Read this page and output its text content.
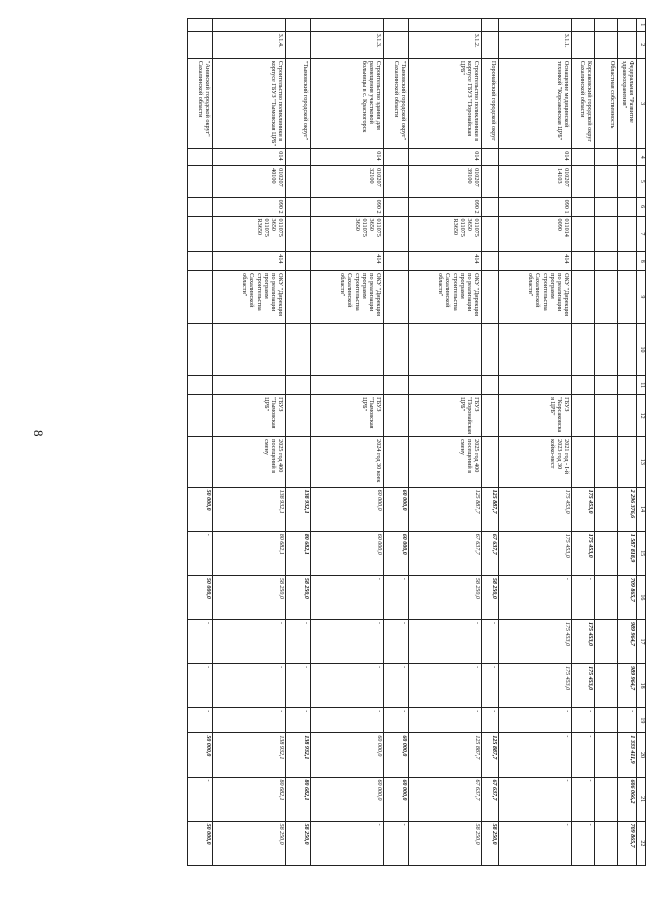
8
1	2	3	4	5	6	7	8	9	10	11	12	13	14	15	16	17	18	19	20	21	22
		Федеральная "Развитие здравоохранения"											2 296 376,6	1 587 818,9	709 865,7	989 964,7	989 964,7	-	1 333 411,9	606 066,2	709 865,7
		Областная собственность																			
		Корсаковский городской округ Сахалинской области											175 453,0	175 453,0	-	175 453,0	175 453,0	-	-	-	-
	3.1.1.	Оснащение медицинской техникой "Корсаковская ЦРБ"	014	010207 14103	090 1	011014 0090	414	ОКУ "Дирекция по реализации программ строительства Сахалинской области"			ГБУЗ "Корсаковская ЦРБ"	2021 год - I-й 2023 год 30 койко-мест	175 453,0	175 453,0	-	175 453,0	175 453,0	-	-	-	-
		Поронайский городской округ											125 887,7	67 637,7	58 250,0	-	-	-	125 887,7	67 637,7	58 250,0
	3.1.2.	Строительство поликлиники в корпусе ГБУЗ "Поронайская ЦРБ"	014	010207 39100	090 2	011075 3650 011075 R3650	414	ОКУ "Дирекция по реализации программ строительства Сахалинской области"			ГБУЗ "Поронайская ЦРБ"	2025 год 400 посещений в смену	125 887,7	67 637,7	58 250,0	-	-	-	125 887,7	67 637,7	58 250,0
		"Тымовский городской округ" Сахалинской области											60 000,0	60 000,0	-	-	-	-	60 000,0	60 000,0	-
	3.1.3.	Строительство здания для размещения участковой больницы в с. Красногорск	014	010207 32100	090 2	011075 3650 011075 3650	414	ОКУ "Дирекция по реализации программ строительства Сахалинской области"			ГБУЗ "Тымовская ЦРБ"	2024 год 30 коек	60 000,0	60 000,0	-	-	-	-	60 000,0	60 000,0	-
		"Тымовский городской округ"											138 932,1	80 682,1	58 250,0	-	-	-	138 932,1	80 682,1	58 250,0
	3.1.4.	Строительство поликлиники в корпусе ГБУЗ "Тымовская ЦРБ"	014	010207 40100	090 2	011075 3650 011075 R3650	414	ОКУ "Дирекция по реализации программ строительства Сахалинской области"			ГБУЗ "Тымовская ЦРБ"	2025 год 400 посещений в смену	138 932,1	80 682,1	58 250,0	-	-	-	138 932,1	80 682,1	58 250,0
		"Анивский городской округ" Сахалинской области											50 000,0	-	50 000,0	-	-	-	50 000,0	-	50 000,0
